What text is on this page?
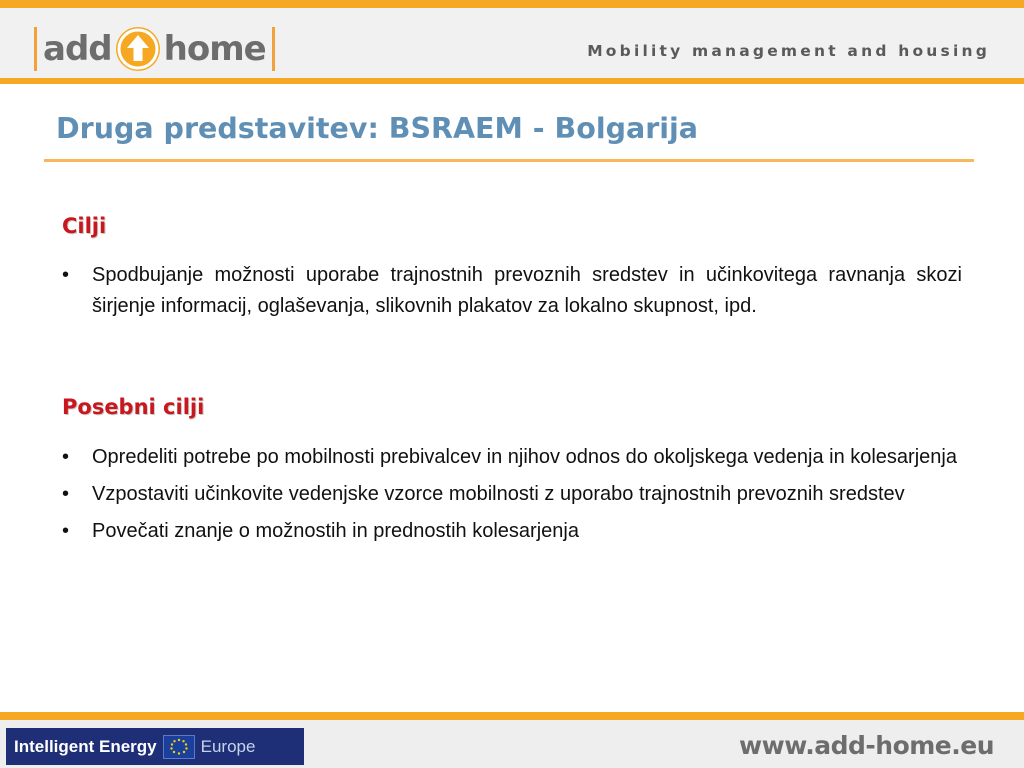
add home	Mobility management and housing
Druga predstavitev: BSRAEM - Bolgarija
Cilji
• Spodbujanje možnosti uporabe trajnostnih prevoznih sredstev in učinkovitega ravnanja skozi širjenje informacij, oglaševanja, slikovnih plakatov za lokalno skupnost, ipd.
Posebni cilji
• Opredeliti potrebe po mobilnosti prebivalcev in njihov odnos do okoljskega vedenja in kolesarjenja
• Vzpostaviti učinkovite vedenjske vzorce mobilnosti z uporabo trajnostnih prevoznih sredstev
• Povečati znanje o možnostih in prednostih kolesarjenja
Intelligent Energy	Europe	www.add-home.eu
